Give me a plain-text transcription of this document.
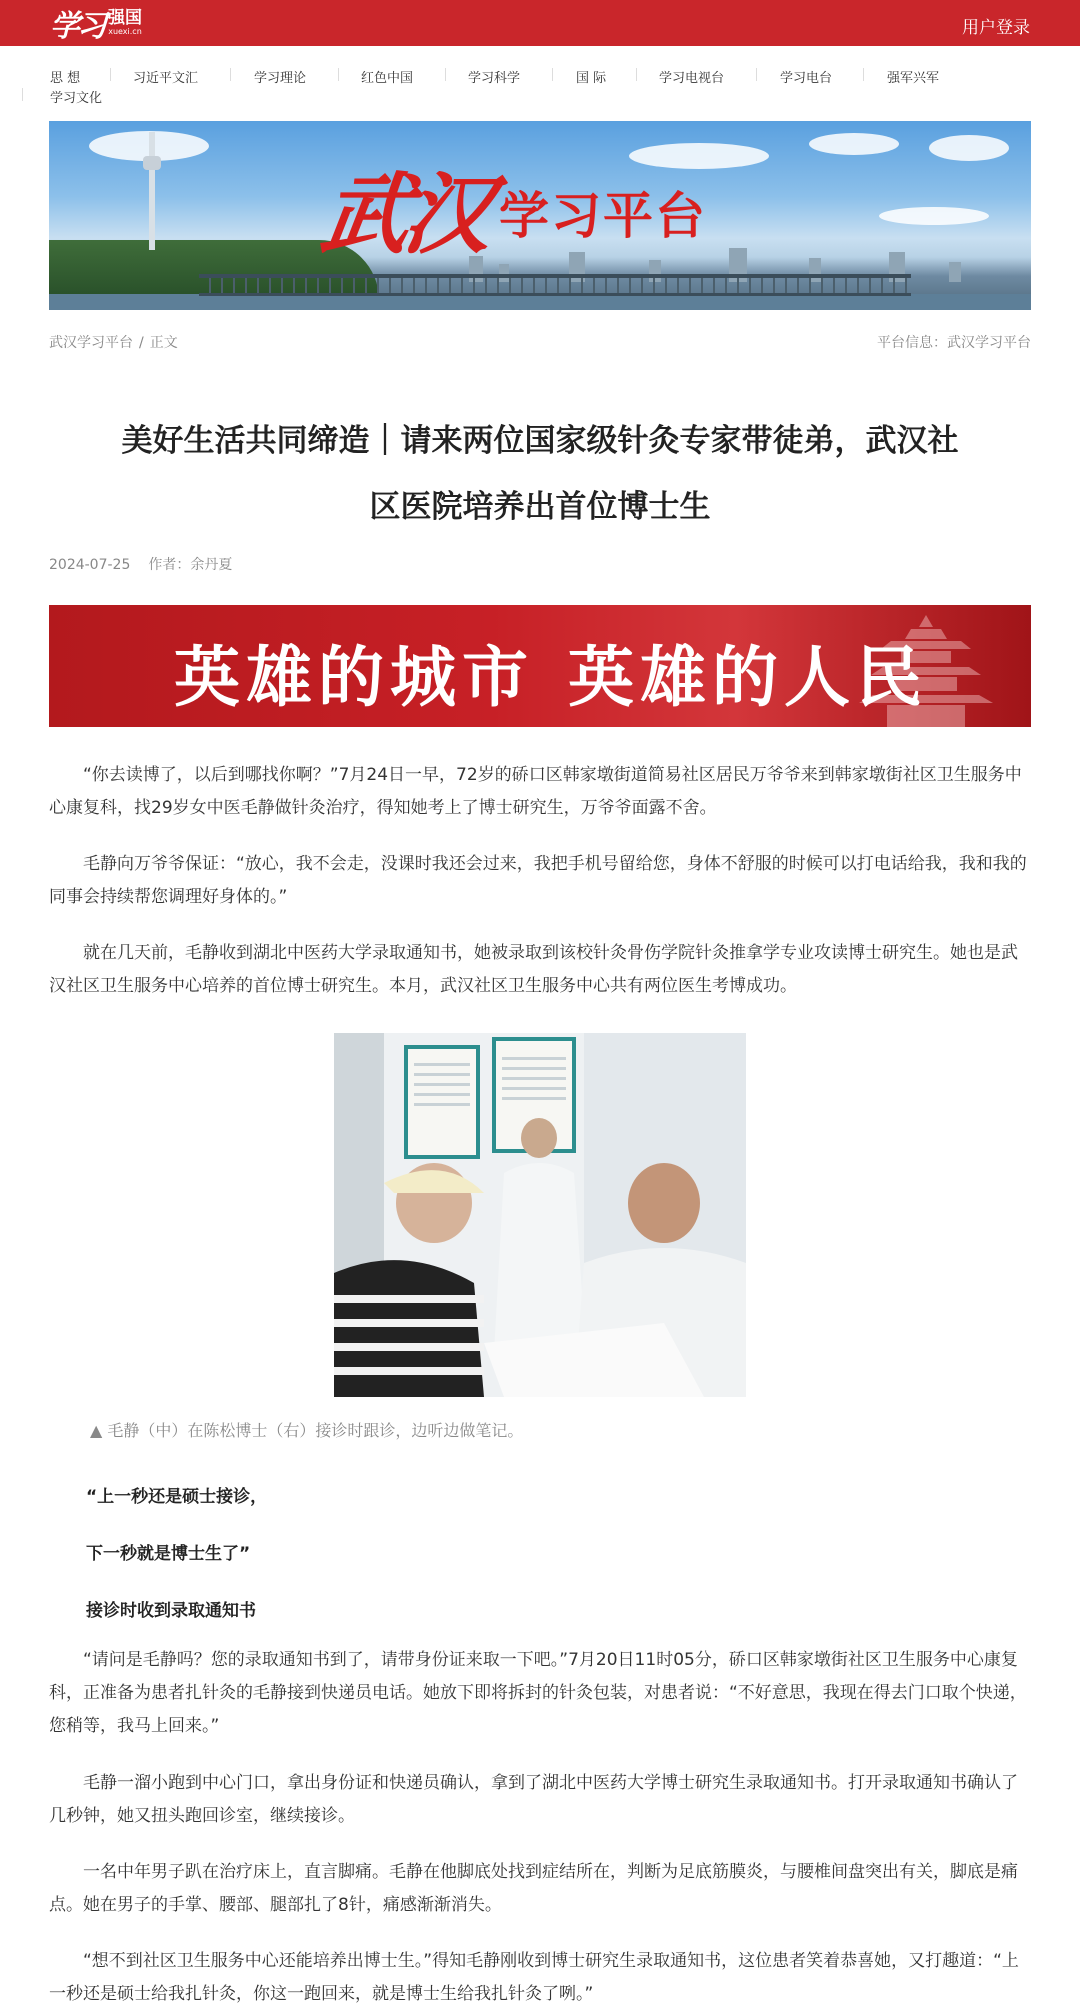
学习 强国
xuexi.cn	用户登录
思 想	习近平文汇	学习理论	红色中国	学习科学	国 际	学习电视台	学习电台	强军兴军
学习文化
武汉 学习平台
武汉学习平台 / 正文	平台信息：武汉学习平台
美好生活共同缔造｜请来两位国家级针灸专家带徒弟，武汉社区医院培养出首位博士生
2024-07-25 作者：余丹夏
英雄的城市 英雄的人民

“你去读博了，以后到哪找你啊？”7月24日一早，72岁的硚口区韩家墩街道简易社区居民万爷爷来到韩家墩街社区卫生服务中心康复科，找29岁女中医毛静做针灸治疗，得知她考上了博士研究生，万爷爷面露不舍。

毛静向万爷爷保证：“放心，我不会走，没课时我还会过来，我把手机号留给您，身体不舒服的时候可以打电话给我，我和我的同事会持续帮您调理好身体的。”

就在几天前，毛静收到湖北中医药大学录取通知书，她被录取到该校针灸骨伤学院针灸推拿学专业攻读博士研究生。她也是武汉社区卫生服务中心培养的首位博士研究生。本月，武汉社区卫生服务中心共有两位医生考博成功。

▲ 毛静（中）在陈松博士（右）接诊时跟诊，边听边做笔记。

“上一秒还是硕士接诊，

下一秒就是博士生了”

接诊时收到录取通知书

“请问是毛静吗？您的录取通知书到了，请带身份证来取一下吧。”7月20日11时05分，硚口区韩家墩街社区卫生服务中心康复科，正准备为患者扎针灸的毛静接到快递员电话。她放下即将拆封的针灸包装，对患者说：“不好意思，我现在得去门口取个快递，您稍等，我马上回来。”

毛静一溜小跑到中心门口，拿出身份证和快递员确认，拿到了湖北中医药大学博士研究生录取通知书。打开录取通知书确认了几秒钟，她又扭头跑回诊室，继续接诊。

一名中年男子趴在治疗床上，直言脚痛。毛静在他脚底处找到症结所在，判断为足底筋膜炎，与腰椎间盘突出有关，脚底是痛点。她在男子的手掌、腰部、腿部扎了8针，痛感渐渐消失。

“想不到社区卫生服务中心还能培养出博士生。”得知毛静刚收到博士研究生录取通知书，这位患者笑着恭喜她，又打趣道：“上一秒还是硕士给我扎针灸，你这一跑回来，就是博士生给我扎针灸了咧。”
